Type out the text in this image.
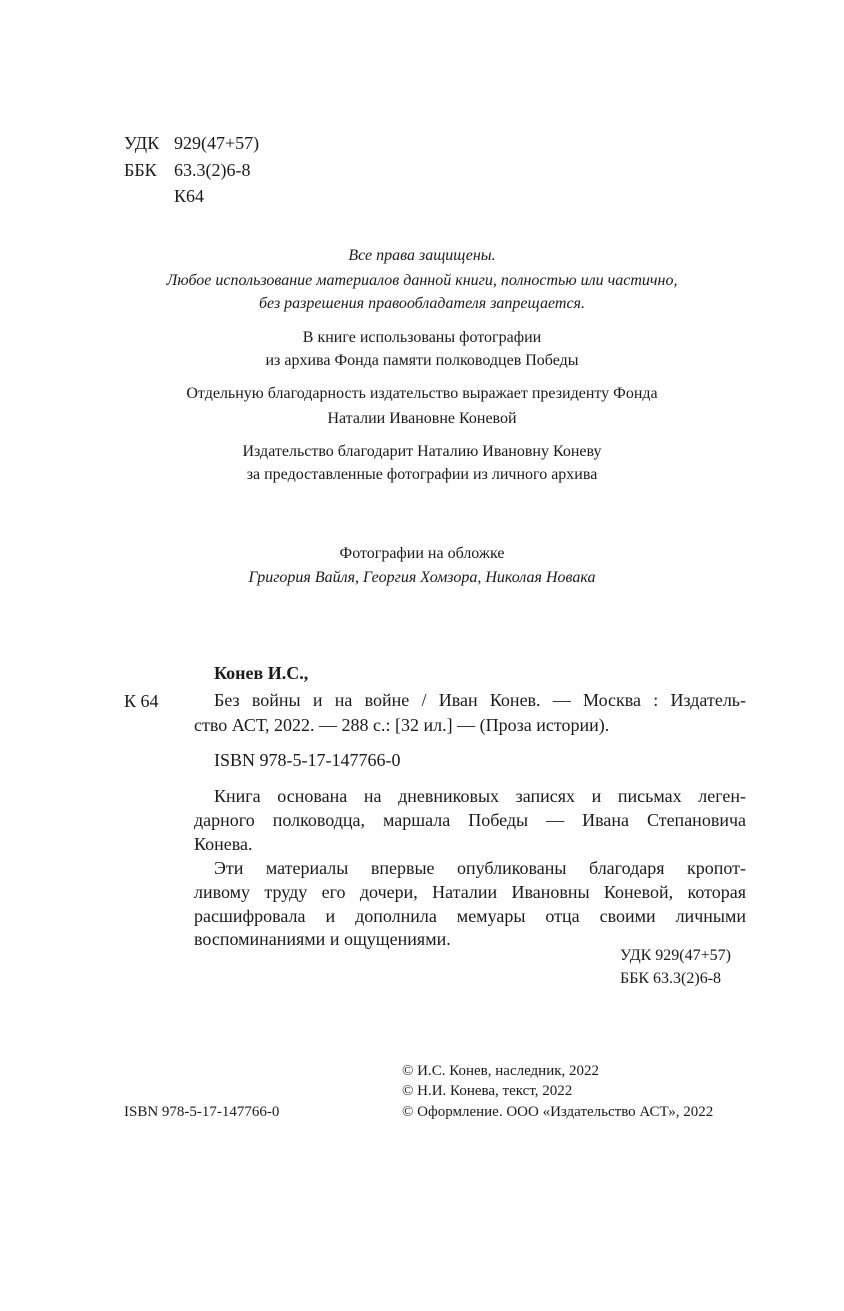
УДК 929(47+57)
ББК 63.3(2)6-8
К64
Все права защищены.
Любое использование материалов данной книги, полностью или частично,
без разрешения правообладателя запрещается.
В книге использованы фотографии
из архива Фонда памяти полководцев Победы
Отдельную благодарность издательство выражает президенту Фонда
Наталии Ивановне Коневой
Издательство благодарит Наталию Ивановну Коневу
за предоставленные фотографии из личного архива
Фотографии на обложке
Григория Вайля, Георгия Хомзора, Николая Новака
Конев И.С.,
К 64	Без войны и на войне / Иван Конев. — Москва : Издатель-
ство АСТ, 2022. — 288 с.: [32 ил.] — (Проза истории).
ISBN 978-5-17-147766-0
Книга основана на дневниковых записях и письмах леген-
дарного полководца, маршала Победы — Ивана Степановича
Конева.
Эти материалы впервые опубликованы благодаря кропот-
ливому труду его дочери, Наталии Ивановны Коневой, которая
расшифровала и дополнила мемуары отца своими личными
воспоминаниями и ощущениями.
УДК 929(47+57)
ББК 63.3(2)6-8
ISBN 978-5-17-147766-0
© И.С. Конев, наследник, 2022
© Н.И. Конева, текст, 2022
© Оформление. ООО «Издательство АСТ», 2022
